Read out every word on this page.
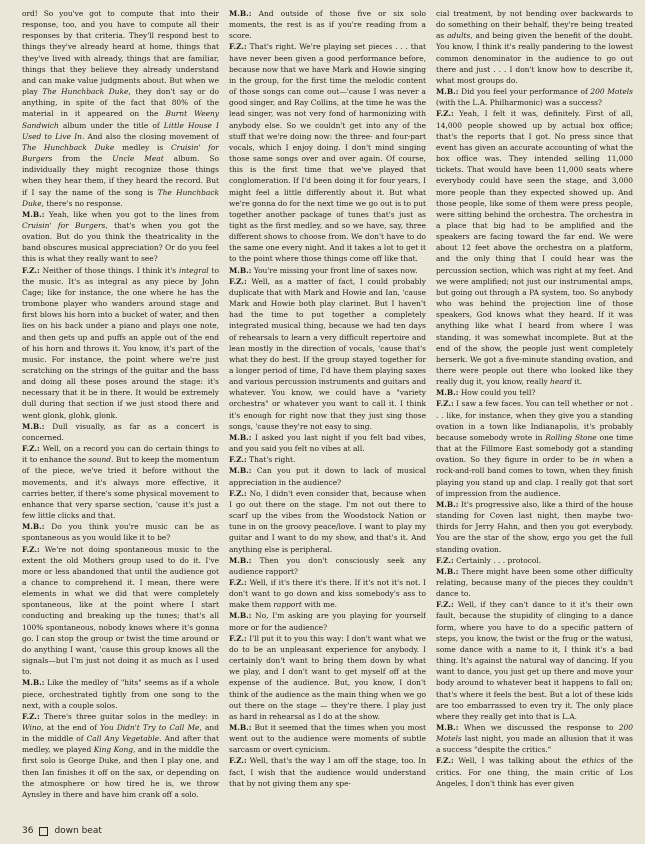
ord! So you've got to compute that into their response, too, and you have to compute all their responses by that criteria. They'll respond best to things they've already heard at home, things that they've lived with already, things that are familiar, things that they believe they already understand and can make value judgments about. But when we play The Hunchback Duke, they don't say or do anything, in spite of the fact that 80% of the material in it appeared on the Burnt Weeny Sandwich album under the title of Little House I Used to Live In. And also the closing movement of The Hunchback Duke medley is Cruisin' for Burgers from the Uncle Meat album. So individually they might recognize those things when they hear them, if they heard the record. But if I say the name of the song is The Hunchback Duke, there's no response.
M.B.: Yeah, like when you got to the lines from Cruisin' for Burgers, that's when you got the ovation. But do you think the theatricality in the band obscures musical appreciation? Or do you feel this is what they really want to see?
F.Z.: Neither of those things. I think it's integral to the music. It's as integral as any piece by John Cage; like for instance, the one where he has the trombone player who wanders around stage and first blows his horn into a bucket of water, and then lies on his back under a piano and plays one note, and then gets up and puffs an apple out of the end of his horn and throws it. You know, it's part of the music. For instance, the point where we're just scratching on the strings of the guitar and the bass and doing all these poses around the stage: it's necessary that it be in there. It would be extremely dull during that section if we just stood there and went glonk, glohk, glonk.
M.B.: Dull visually, as far as a concert is concerned.
F.Z.: Well, on a record you can do certain things to it to enhance the sound. But to keep the momentum of the piece, we've tried it before without the movements, and it's always more effective, it carries better, if there's some physical movement to enhance that very sparse section, 'cause it's just a few little clicks and that.
M.B.: Do you think you're music can be as spontaneous as you would like it to be?
F.Z.: We're not doing spontaneous music to the extent the old Mothers group used to do it. I've more or less abandoned that until the audience got a chance to comprehend it. I mean, there were elements in what we did that were completely spontaneous, like at the point where I start conducting and breaking up the tunes; that's all 100% spontaneous, nobody knows where it's gonna go. I can stop the group or twist the time around or do anything I want, 'cause this group knows all the signals—but I'm just not doing it as much as I used to.
M.B.: Like the medley of "hits" seems as if a whole piece, orchestrated tightly from one song to the next, with a couple solos.
F.Z.: There's three guitar solos in the medley: in Wino, at the end of You Didn't Try to Call Me, and in the middle of Call Any Vegetable. And after that medley, we played King Kong, and in the middle the first solo is George Duke, and then I play one, and then Ian finishes it off on the sax, or depending on the atmosphere or how tired he is, we throw Aynsley in there and have him crank off a solo.

M.B.: And outside of those five or six solo moments, the rest is as if you're reading from a score.
F.Z.: That's right. We're playing set pieces . . . that have never been given a good performance before, because now that we have Mark and Howie singing in the group, for the first time the melodic content of those songs can come out—'cause I was never a good singer, and Ray Collins, at the time he was the lead singer, was not very fond of harmonizing with anybody else. So we couldn't get into any of the stuff that we're doing now: the three- and four-part vocals, which I enjoy doing. I don't mind singing those same songs over and over again. Of course, this is the first time that we've played that conglomeration. If I'd been doing it for four years, I might feel a little differently about it. But what we're gonna do for the next time we go out is to put together another package of tunes that's just as tight as the first medley, and so we have, say, three different shows to choose from. We don't have to do the same one every night. And it takes a lot to get it to the point where those things come off like that.
M.B.: You're missing your front line of saxes now.
F.Z.: Well, as a matter of fact, I could probably duplicate that with Mark and Howie and Ian, 'cause Mark and Howie both play clarinet. But I haven't had the time to put together a completely integrated musical thing, because we had ten days of rehearsals to learn a very difficult repertoire and lean mostly in the direction of vocals, 'cause that's what they do best. If the group stayed together for a longer period of time, I'd have them playing saxes and various percussion instruments and guitars and whatever. You know, we could have a "variety orchestra" or whatever you want to call it. I think it's enough for right now that they just sing those songs, 'cause they're not easy to sing.
M.B.: I asked you last night if you felt bad vibes, and you said you felt no vibes at all.
F.Z.: That's right.
M.B.: Can you put it down to lack of musical appreciation in the audience?
F.Z.: No, I didn't even consider that, because when I go out there on the stage. I'm not out there to scarf up the vibes from the Woodstock Nation or tune in on the groovy peace/love. I want to play my guitar and I want to do my show, and that's it. And anything else is peripheral.
M.B.: Then you don't consciously seek any audience rapport?
F.Z.: Well, if it's there it's there. If it's not it's not. I don't want to go down and kiss somebody's ass to make them rapport with me.
M.B.: No, I'm asking are you playing for yourself more or for the audience?
F.Z.: I'll put it to you this way: I don't want what we do to be an unpleasant experience for anybody. I certainly don't want to bring them down by what we play, and I don't want to get myself off at the expense of the audience. But, you know, I don't think of the audience as the main thing when we go out there on the stage — they're there. I play just as hard in rehearsal as I do at the show.
M.B.: But it seemed that the times when you most went out to the audience were moments of subtle sarcasm or overt cynicism.
F.Z.: Well, that's the way I am off the stage, too. In fact, I wish that the audience would understand that by not giving them any spe-

cial treatment, by not bending over backwards to do something on their behalf, they're being treated as adults, and being given the benefit of the doubt. You know, I think it's really pandering to the lowest common denominator in the audience to go out there and just . . . I don't know how to describe it, what most groups do.
M.B.: Did you feel your performance of 200 Motels (with the L.A. Philharmonic) was a success?
F.Z.: Yeah, I felt it was, definitely. First of all, 14,000 people showed up by actual box office; that's the reports that I got. No press since that event has given an accurate accounting of what the box office was. They intended selling 11,000 tickets. That would have been 11,000 seats where everybody could have seen the stage, and 3,000 more people than they expected showed up. And those people, like some of them were press people, were sitting behind the orchestra. The orchestra in a place that big had to be amplified and the speakers are facing toward the far end. We were about 12 feet above the orchestra on a platform, and the only thing that I could hear was the percussion section, which was right at my feet. And we were amplified; not just our instrumental amps, but going out through a PA system, too. So anybody who was behind the projection line of those speakers, God knows what they heard. If it was anything like what I heard from where I was standing, it was somewhat incomplete. But at the end of the show, the people just went completely berserk. We got a five-minute standing ovation, and there were people out there who looked like they really dug it, you know, really heard it.
M.B.: How could you tell?
F.Z.: I saw a few faces. You can tell whether or not . . . like, for instance, when they give you a standing ovation in a town like Indianapolis, it's probably because somebody wrote in Rolling Stone one time that at the Fillmore East somebody got a standing ovation. So they figure in order to be in when a rock-and-roll band comes to town, when they finish playing you stand up and clap. I really got that sort of impression from the audience.
M.B.: It's progressive also, like a third of the house standing for Coven last night, then maybe two-thirds for Jerry Hahn, and then you got everybody. You are the star of the show, ergo you get the full standing ovation.
F.Z.: Certainly . . . protocol.
M.B.: There might have been some other difficulty relating, because many of the pieces they couldn't dance to.
F.Z.: Well, if they can't dance to it it's their own fault, because the stupidity of clinging to a dance form, where you have to do a specific pattern of steps, you know, the twist or the frug or the watusi, some dance with a name to it, I think it's a bad thing. It's against the natural way of dancing. If you want to dance, you just get up there and move your body around to whatever beat it happens to fall on; that's where it feels the best. But a lot of these kids are too embarrassed to even try it. The only place where they really get into that is L.A.
M.B.: When we discussed the response to 200 Motels last night, you made an allusion that it was a success "despite the critics."
F.Z.: Well, I was talking about the ethics of the critics. For one thing, the main critic of Los Angeles, I don't think has ever given

36 down beat
